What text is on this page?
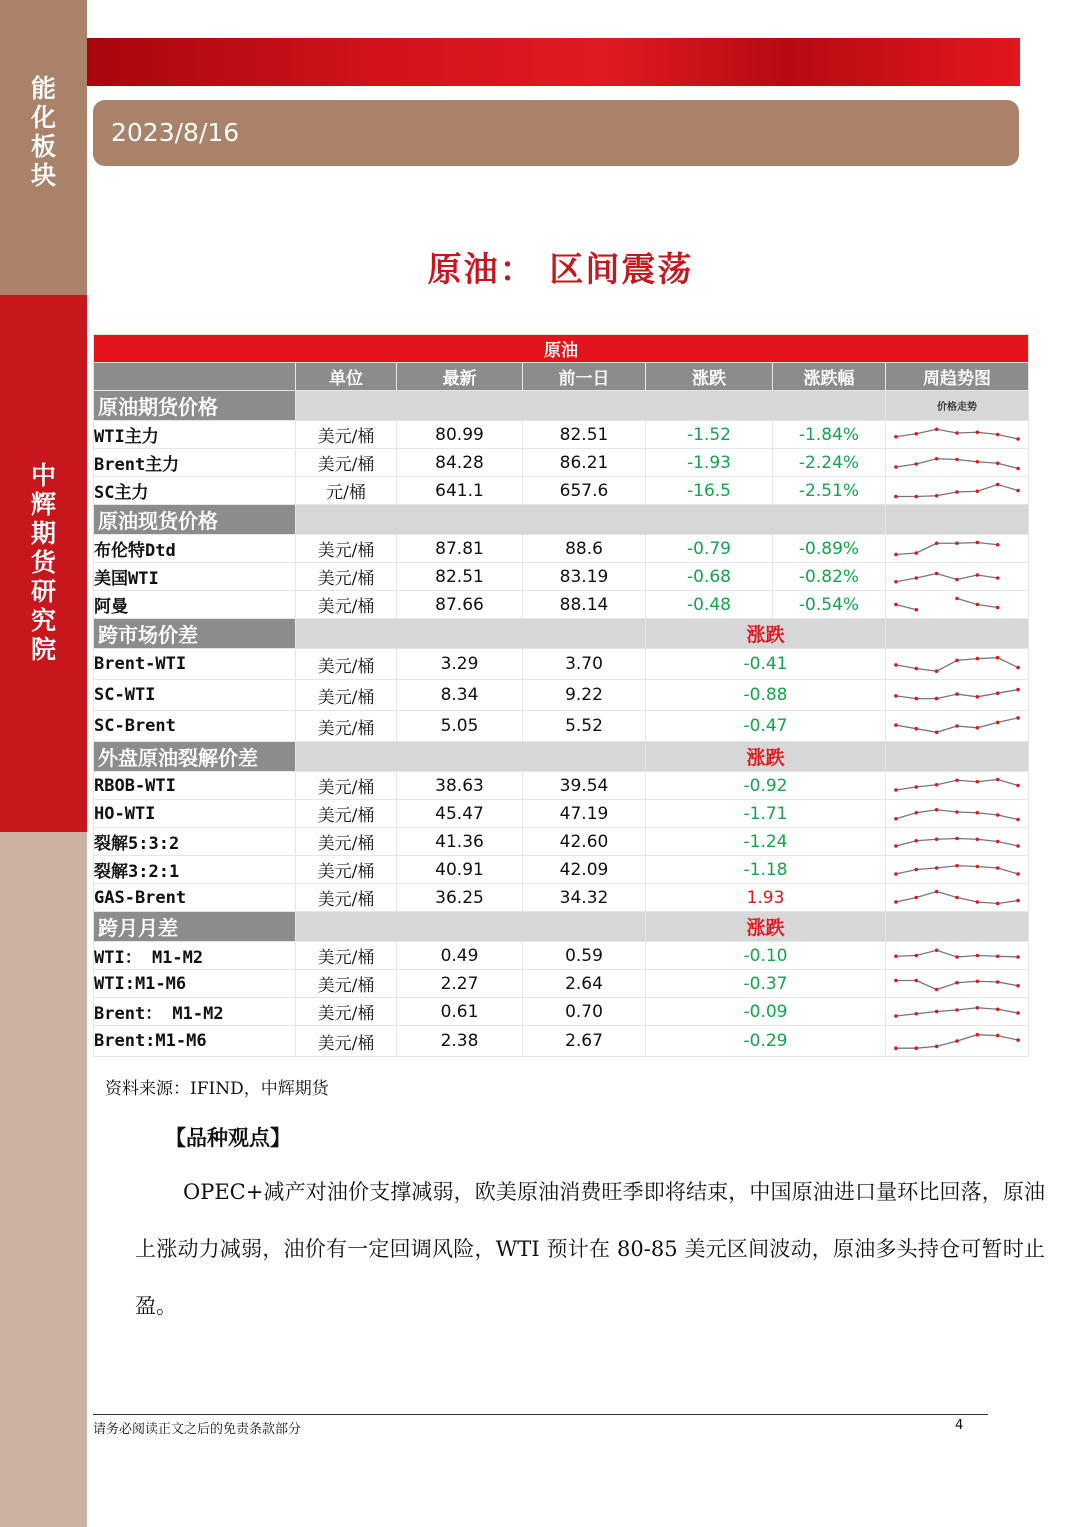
能
化
板
块
中
辉
期
货
研
究
院
2023/8/16
原油： 区间震荡
原油						
	单位	最新	前一日	涨跌	涨跌幅	周趋势图
原油期货价格						价格走势
WTI主力	美元/桶	80.99	82.51	-1.52	-1.84%	

Brent主力	美元/桶	84.28	86.21	-1.93	-2.24%	

SC主力	元/桶	641.1	657.6	-16.5	-2.51%	

原油现货价格						
布伦特Dtd	美元/桶	87.81	88.6	-0.79	-0.89%	

美国WTI	美元/桶	82.51	83.19	-0.68	-0.82%	

阿曼	美元/桶	87.66	88.14	-0.48	-0.54%	

跨市场价差				涨跌		
Brent-WTI	美元/桶	3.29	3.70	-0.41	

SC-WTI	美元/桶	8.34	9.22	-0.88	

SC-Brent	美元/桶	5.05	5.52	-0.47	

外盘原油裂解价差				涨跌		
RBOB-WTI	美元/桶	38.63	39.54	-0.92	

HO-WTI	美元/桶	45.47	47.19	-1.71	

裂解5:3:2	美元/桶	41.36	42.60	-1.24	

裂解3:2:1	美元/桶	40.91	42.09	-1.18	

GAS-Brent	美元/桶	36.25	34.32	1.93	

跨月月差				涨跌		
WTI： M1-M2	美元/桶	0.49	0.59	-0.10	

WTI:M1-M6	美元/桶	2.27	2.64	-0.37	

Brent： M1-M2	美元/桶	0.61	0.70	-0.09	

Brent:M1-M6	美元/桶	2.38	2.67	-0.29	
资料来源：IFIND，中辉期货
【品种观点】
OPEC+减产对油价支撑减弱，欧美原油消费旺季即将结束，中国原油进口量环比回落，原油上涨动力减弱，油价有一定回调风险，WTI 预计在 80-85 美元区间波动，原油多头持仓可暂时止盈。
请务必阅读正文之后的免责条款部分	4
